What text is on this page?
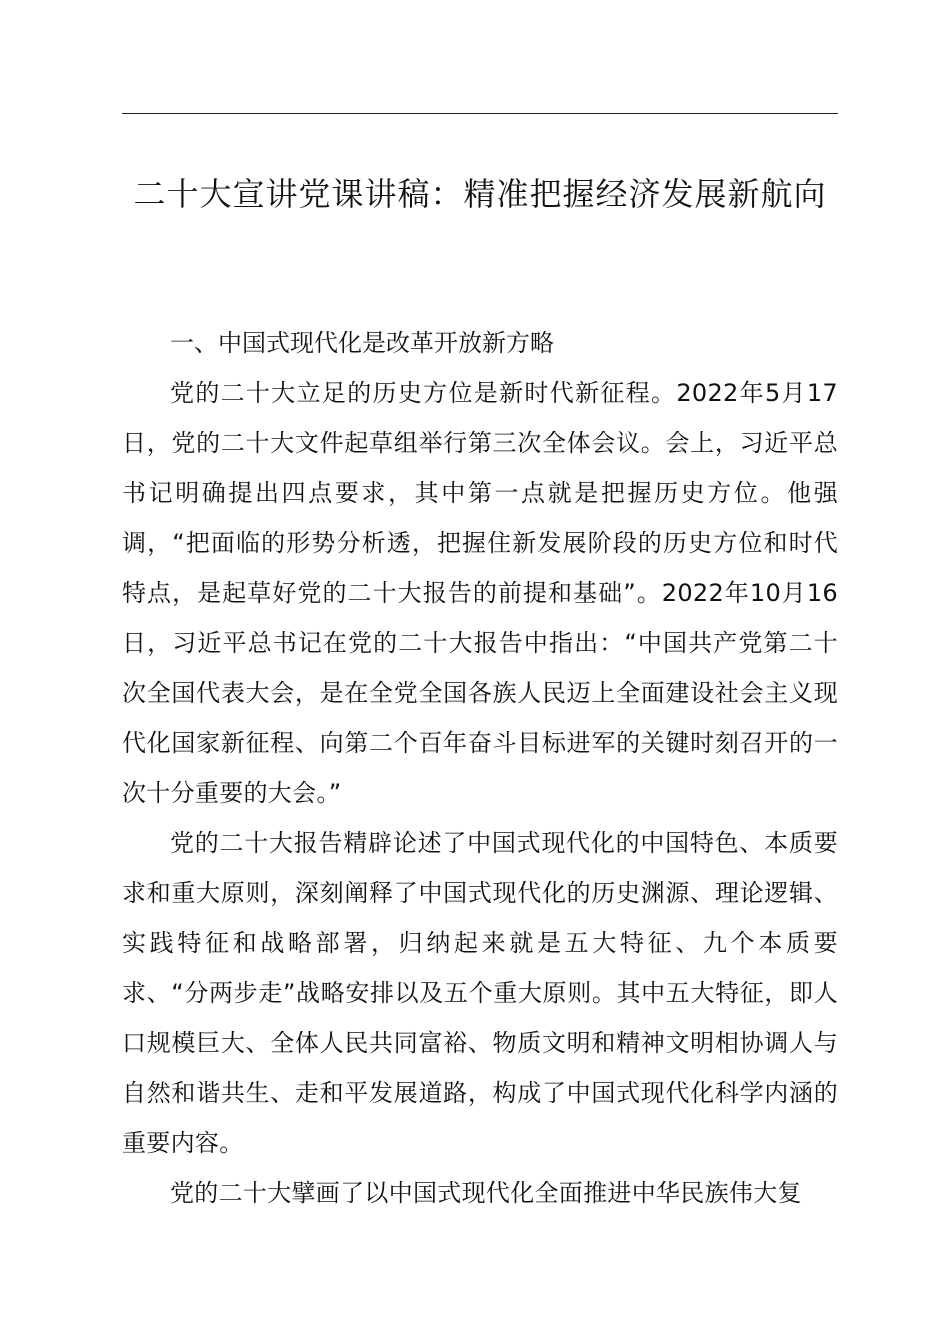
二十大宣讲党课讲稿：精准把握经济发展新航向

一、中国式现代化是改革开放新方略

党的二十大立足的历史方位是新时代新征程。2022年5月17日，党的二十大文件起草组举行第三次全体会议。会上，习近平总书记明确提出四点要求，其中第一点就是把握历史方位。他强调，“把面临的形势分析透，把握住新发展阶段的历史方位和时代特点，是起草好党的二十大报告的前提和基础”。2022年10月16日，习近平总书记在党的二十大报告中指出：“中国共产党第二十次全国代表大会，是在全党全国各族人民迈上全面建设社会主义现代化国家新征程、向第二个百年奋斗目标进军的关键时刻召开的一次十分重要的大会。”

党的二十大报告精辟论述了中国式现代化的中国特色、本质要求和重大原则，深刻阐释了中国式现代化的历史渊源、理论逻辑、实践特征和战略部署，归纳起来就是五大特征、九个本质要求、“分两步走”战略安排以及五个重大原则。其中五大特征，即人口规模巨大、全体人民共同富裕、物质文明和精神文明相协调人与自然和谐共生、走和平发展道路，构成了中国式现代化科学内涵的重要内容。

党的二十大擘画了以中国式现代化全面推进中华民族伟大复
